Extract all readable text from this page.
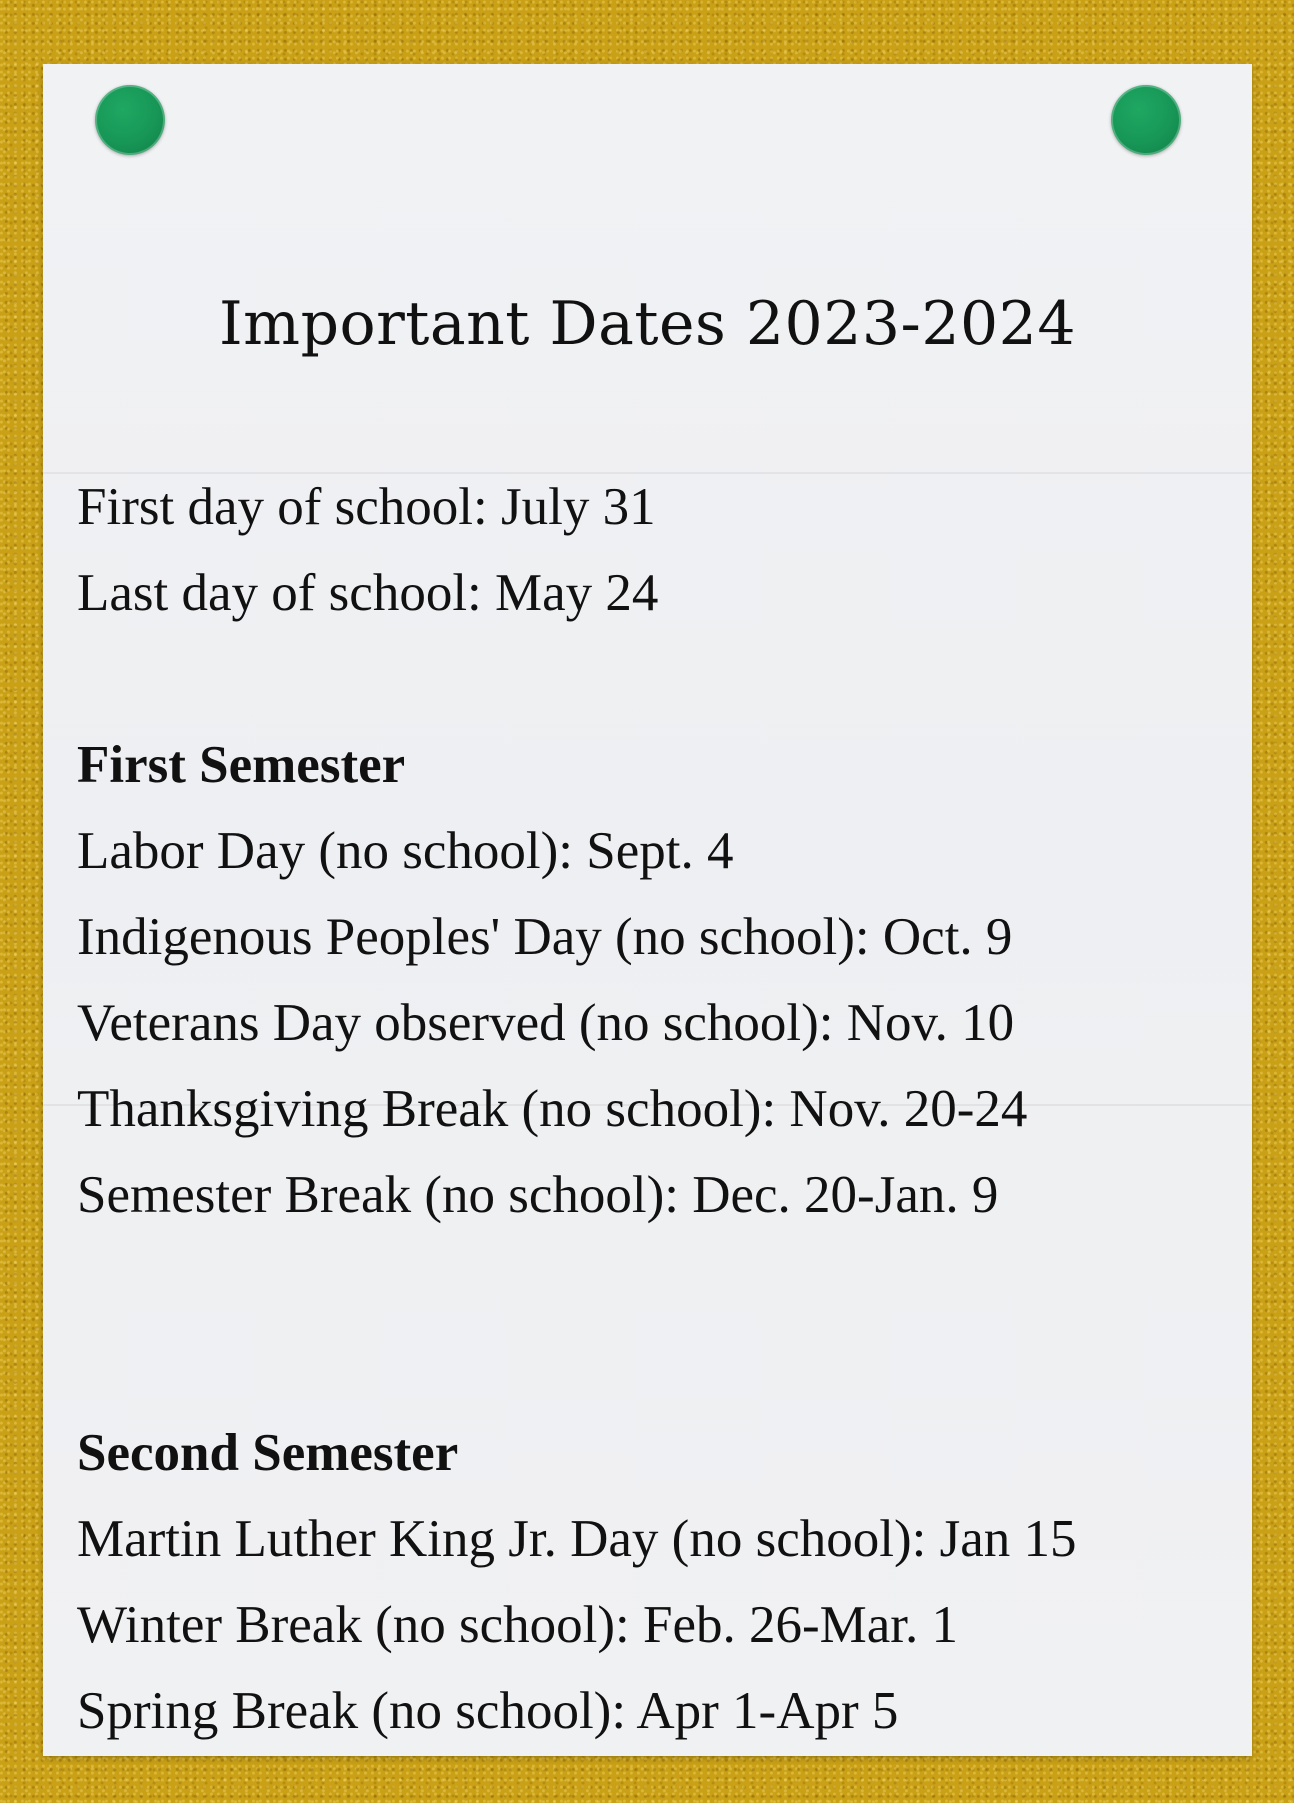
Important Dates 2023-2024
First day of school: July 31
Last day of school: May 24
First Semester
Labor Day (no school): Sept. 4
Indigenous Peoples' Day (no school): Oct. 9
Veterans Day observed (no school): Nov. 10
Thanksgiving Break (no school): Nov. 20-24
Semester Break (no school): Dec. 20-Jan. 9
Second Semester
Martin Luther King Jr. Day (no school): Jan 15
Winter Break (no school): Feb. 26-Mar. 1
Spring Break (no school): Apr 1-Apr 5
